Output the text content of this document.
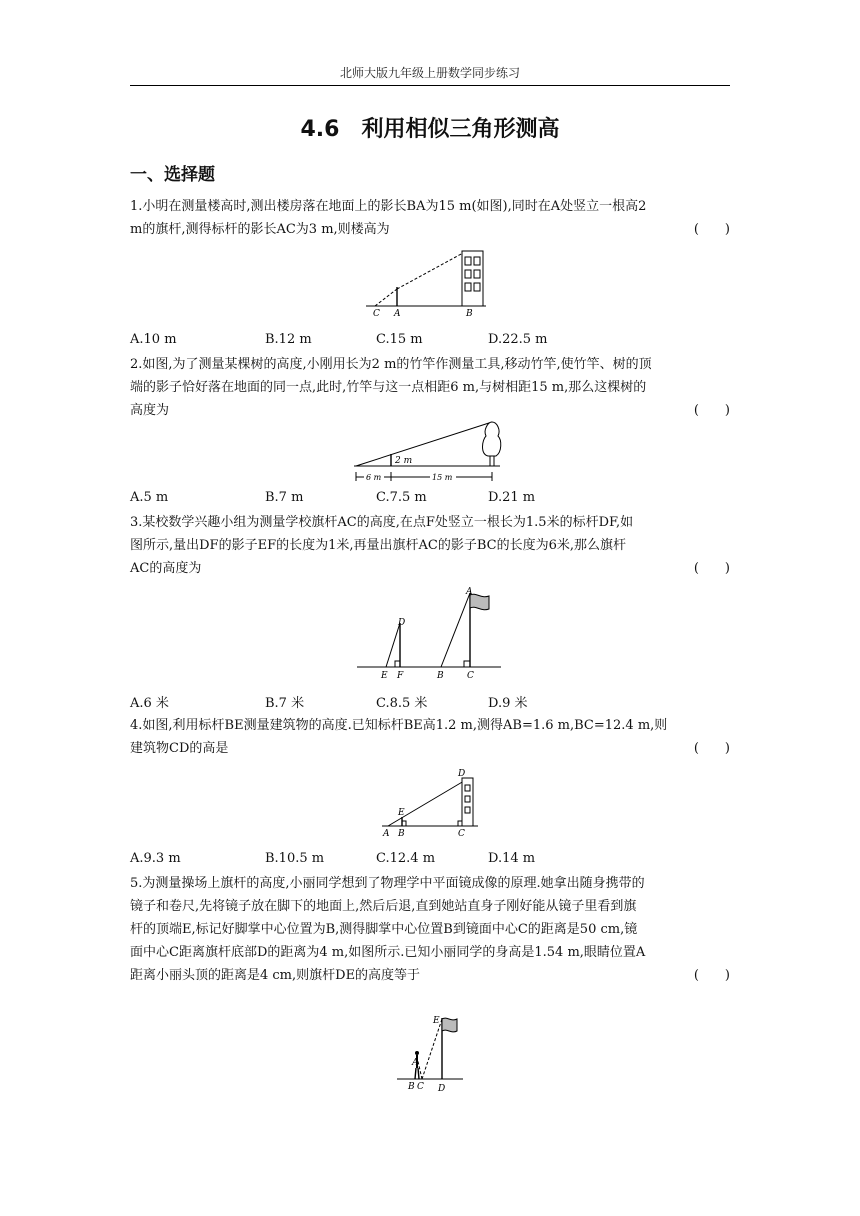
北师大版九年级上册数学同步练习
4.6　利用相似三角形测高
一、选择题
1.小明在测量楼高时,测出楼房落在地面上的影长BA为15 m(如图),同时在A处竖立一根高2
m的旗杆,测得标杆的影长AC为3 m,则楼高为	(　　)
C A	B
A.10 m	B.12 m	C.15 m	D.22.5 m
2.如图,为了测量某棵树的高度,小刚用长为2 m的竹竿作测量工具,移动竹竿,使竹竿、树的顶
端的影子恰好落在地面的同一点,此时,竹竿与这一点相距6 m,与树相距15 m,那么这棵树的
高度为	(　　)
2 m
6 m	15 m
A.5 m	B.7 m	C.7.5 m	D.21 m
3.某校数学兴趣小组为测量学校旗杆AC的高度,在点F处竖立一根长为1.5米的标杆DF,如
图所示,量出DF的影子EF的长度为1米,再量出旗杆AC的影子BC的长度为6米,那么旗杆
AC的高度为	(　　)
D
E F
A
B	C
A.6 米	B.7 米	C.8.5 米	D.9 米
4.如图,利用标杆BE测量建筑物的高度.已知标杆BE高1.2 m,测得AB=1.6 m,BC=12.4 m,则
建筑物CD的高是	(　　)
D
E
A B	C
A.9.3 m	B.10.5 m	C.12.4 m	D.14 m
5.为测量操场上旗杆的高度,小丽同学想到了物理学中平面镜成像的原理.她拿出随身携带的
镜子和卷尺,先将镜子放在脚下的地面上,然后后退,直到她站直身子刚好能从镜子里看到旗
杆的顶端E,标记好脚掌中心位置为B,测得脚掌中心位置B到镜面中心C的距离是50 cm,镜
面中心C距离旗杆底部D的距离为4 m,如图所示.已知小丽同学的身高是1.54 m,眼睛位置A
距离小丽头顶的距离是4 cm,则旗杆DE的高度等于	(　　)
E
A
B C D
